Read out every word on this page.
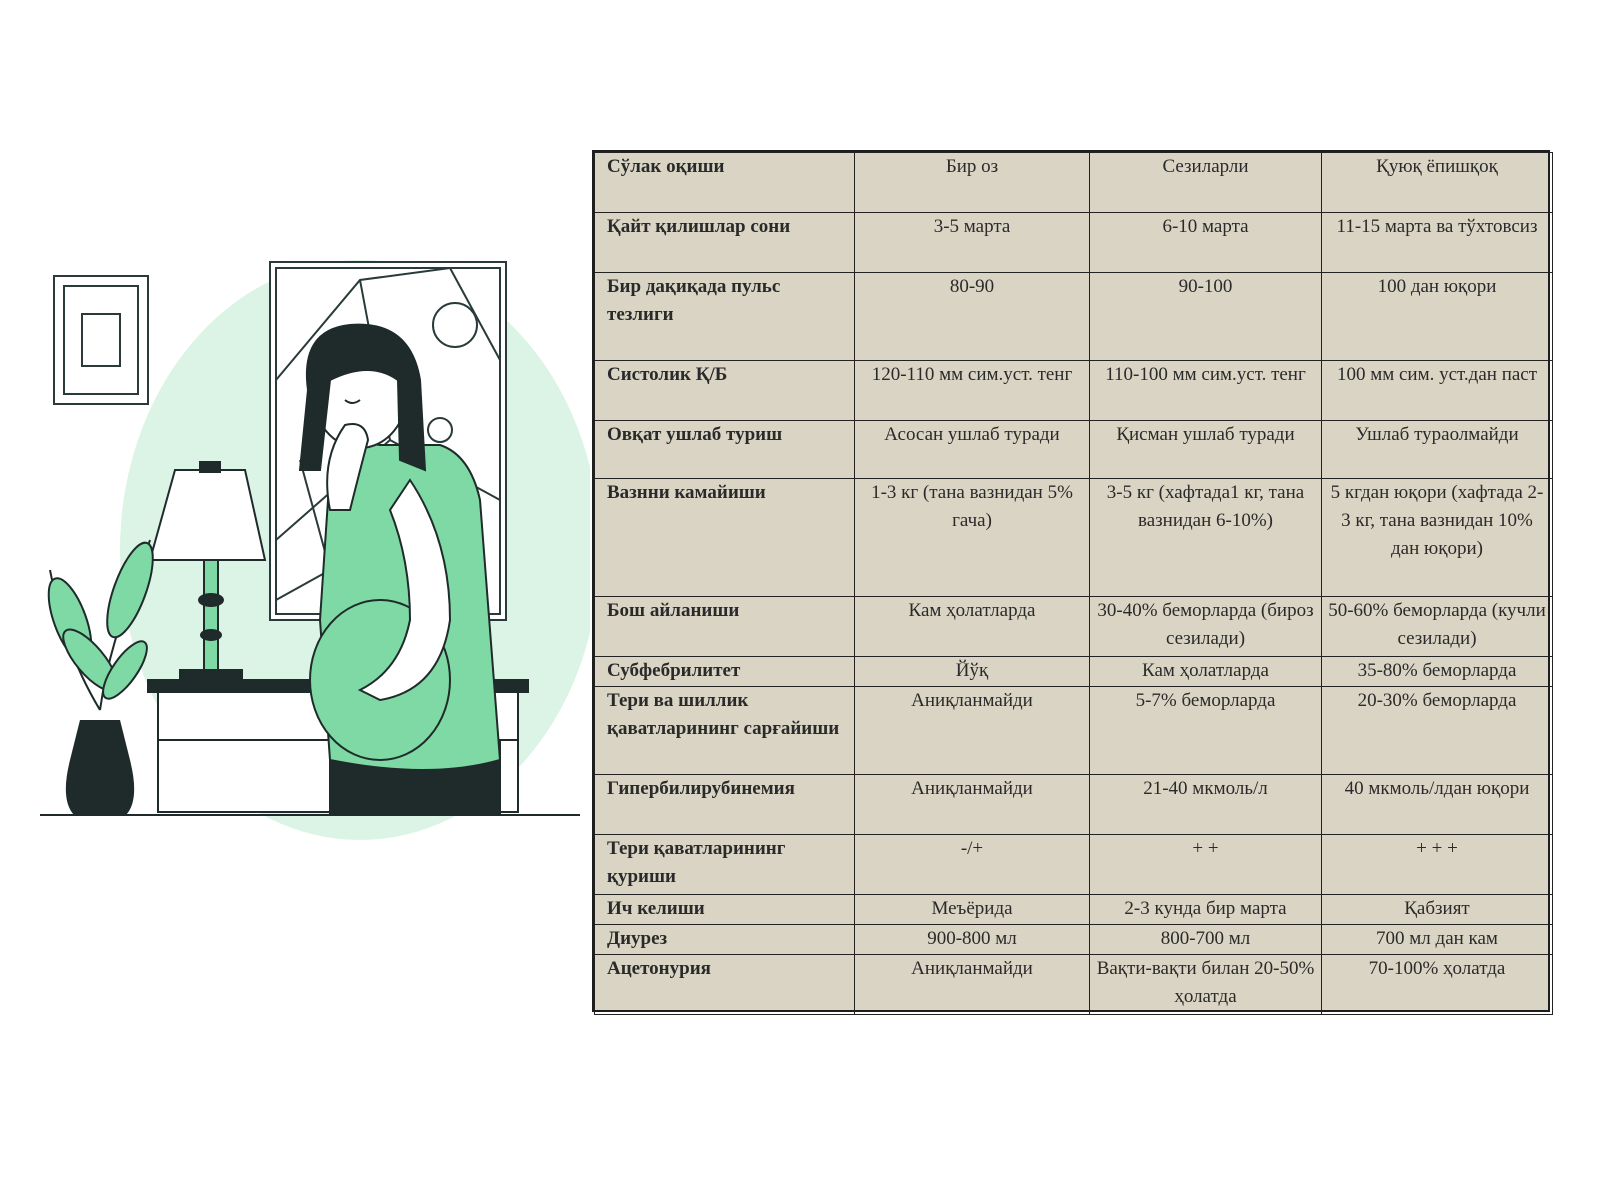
Сўлак оқиши	Бир оз	Сезиларли	Қуюқ ёпишқоқ
Қайт қилишлар сони	3-5 марта	6-10 марта	11-15 марта ва тўхтовсиз
Бир дақиқада пульс тезлиги	80-90	90-100	100 дан юқори
Систолик Қ/Б	120-110 мм сим.уст. тенг	110-100 мм сим.уст. тенг	100 мм сим. уст.дан паст
Овқат ушлаб туриш	Асосан ушлаб туради	Қисман ушлаб туради	Ушлаб тураолмайди
Вазнни камайиши	1-3 кг (тана вазнидан 5% гача)	3-5 кг (хафтада1 кг, тана вазнидан 6-10%)	5 кгдан юқори (хафтада 2-3 кг, тана вазнидан 10% дан юқори)
Бош айланиши	Кам ҳолатларда	30-40% беморларда (бироз сезилади)	50-60% беморларда (кучли сезилади)
Субфебрилитет	Йўқ	Кам ҳолатларда	35-80% беморларда
Тери ва шиллик қаватларининг сарғайиши	Аниқланмайди	5-7% беморларда	20-30% беморларда
Гипербилирубинемия	Аниқланмайди	21-40 мкмоль/л	40 мкмоль/лдан юқори
Тери қаватларининг қуриши	-/+	+ +	+ + +
Ич келиши	Меъёрида	2-3 кунда бир марта	Қабзият
Диурез	900-800 мл	800-700 мл	700 мл дан кам
Ацетонурия	Аниқланмайди	Вақти-вақти билан 20-50% ҳолатда	70-100% ҳолатда
